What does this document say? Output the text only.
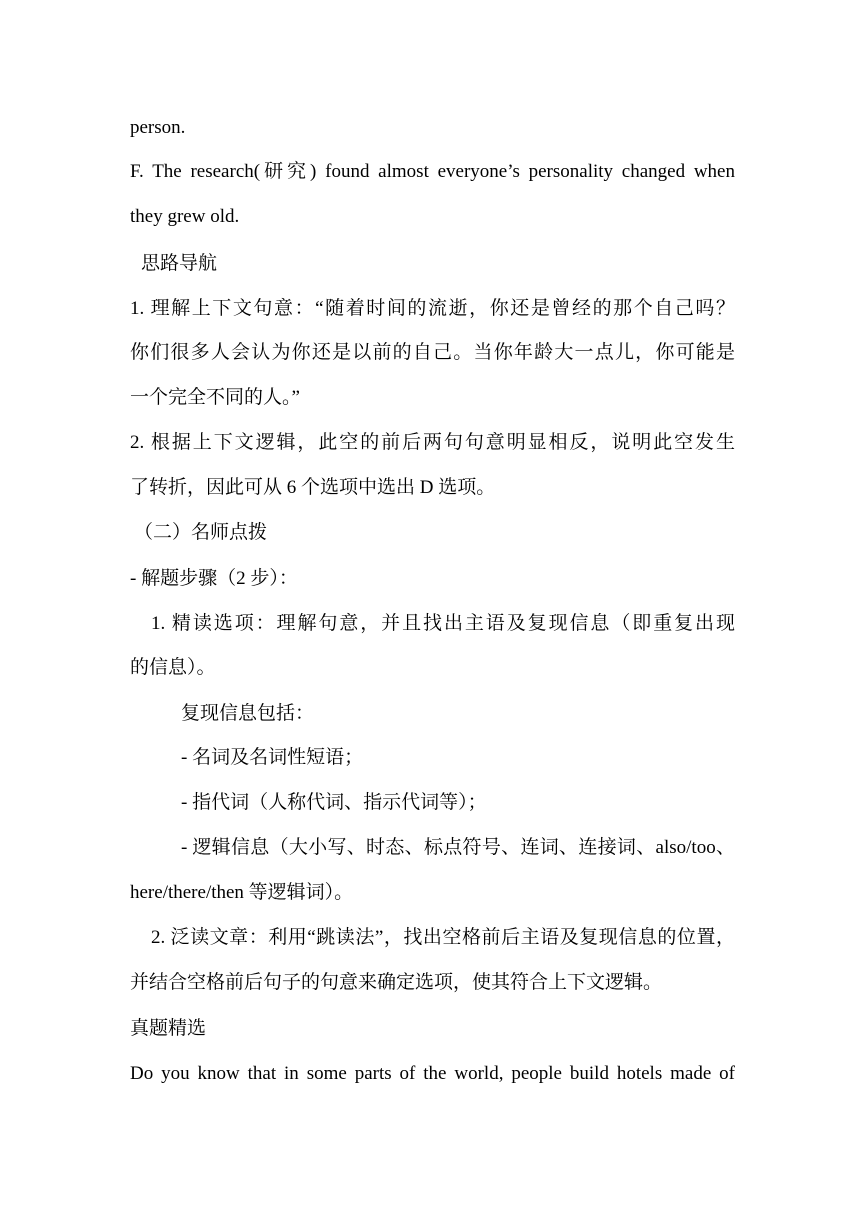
person.
F. The research(研究) found almost everyone’s personality changed when
they grew old.
思路导航
1. 理解上下文句意：“随着时间的流逝，你还是曾经的那个自己吗？
你们很多人会认为你还是以前的自己。当你年龄大一点儿，你可能是
一个完全不同的人。”
2. 根据上下文逻辑，此空的前后两句句意明显相反，说明此空发生
了转折，因此可从 6 个选项中选出 D 选项。
（二）名师点拨
- 解题步骤（2 步）：
1. 精读选项：理解句意，并且找出主语及复现信息（即重复出现
的信息）。
复现信息包括：
- 名词及名词性短语；
- 指代词（人称代词、指示代词等）；
- 逻辑信息（大小写、时态、标点符号、连词、连接词、also/too、
here/there/then 等逻辑词）。
2. 泛读文章：利用“跳读法”，找出空格前后主语及复现信息的位置，
并结合空格前后句子的句意来确定选项，使其符合上下文逻辑。
真题精选
Do you know that in some parts of the world, people build hotels made of
